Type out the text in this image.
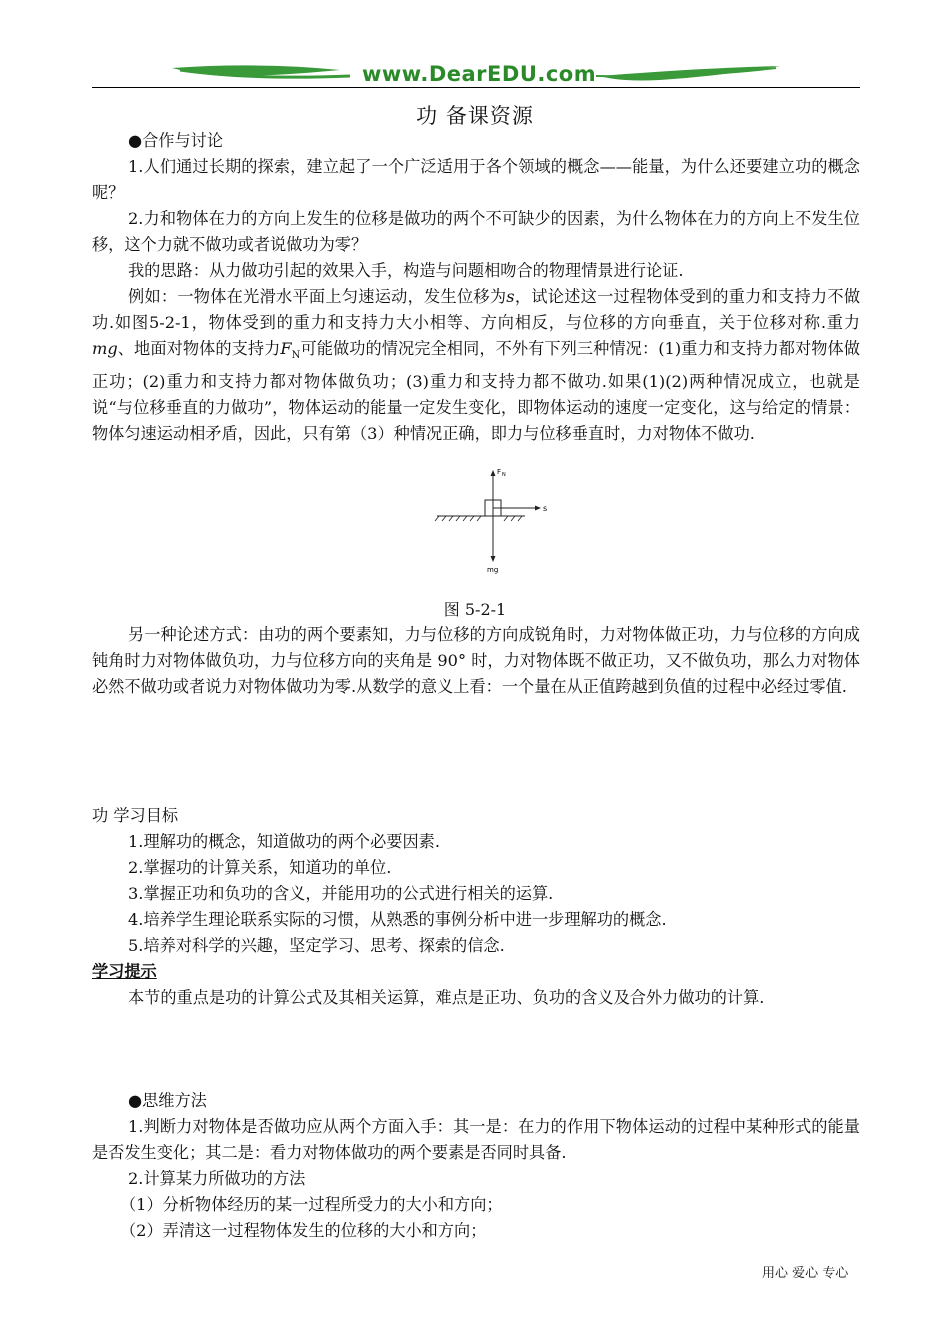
www.DearEDU.com
功 备课资源

●合作与讨论

1.人们通过长期的探索，建立起了一个广泛适用于各个领域的概念——能量，为什么还要建立功的概念呢？

2.力和物体在力的方向上发生的位移是做功的两个不可缺少的因素，为什么物体在力的方向上不发生位移，这个力就不做功或者说做功为零？

我的思路：从力做功引起的效果入手，构造与问题相吻合的物理情景进行论证.

例如：一物体在光滑水平面上匀速运动，发生位移为s，试论述这一过程物体受到的重力和支持力不做功.如图5-2-1，物体受到的重力和支持力大小相等、方向相反，与位移的方向垂直，关于位移对称.重力mg、地面对物体的支持力$F_N$可能做功的情况完全相同，不外有下列三种情况：(1)重力和支持力都对物体做正功；(2)重力和支持力都对物体做负功；(3)重力和支持力都不做功.如果(1)(2)两种情况成立，也就是说“与位移垂直的力做功”，物体运动的能量一定发生变化，即物体运动的速度一定变化，这与给定的情景：物体匀速运动相矛盾，因此，只有第（3）种情况正确，即力与位移垂直时，力对物体不做功.

F N
s
mg
图 5-2-1

另一种论述方式：由功的两个要素知，力与位移的方向成锐角时，力对物体做正功，力与位移的方向成钝角时力对物体做负功，力与位移方向的夹角是 90° 时，力对物体既不做正功，又不做负功，那么力对物体必然不做功或者说力对物体做功为零.从数学的意义上看：一个量在从正值跨越到负值的过程中必经过零值.

功 学习目标

1.理解功的概念，知道做功的两个必要因素.

2.掌握功的计算关系，知道功的单位.

3.掌握正功和负功的含义，并能用功的公式进行相关的运算.

4.培养学生理论联系实际的习惯，从熟悉的事例分析中进一步理解功的概念.

5.培养对科学的兴趣，坚定学习、思考、探索的信念.

学习提示

本节的重点是功的计算公式及其相关运算，难点是正功、负功的含义及合外力做功的计算.

●思维方法

1.判断力对物体是否做功应从两个方面入手：其一是：在力的作用下物体运动的过程中某种形式的能量是否发生变化；其二是：看力对物体做功的两个要素是否同时具备.

2.计算某力所做功的方法

（1）分析物体经历的某一过程所受力的大小和方向；

（2）弄清这一过程物体发生的位移的大小和方向；

用心 爱心 专心
